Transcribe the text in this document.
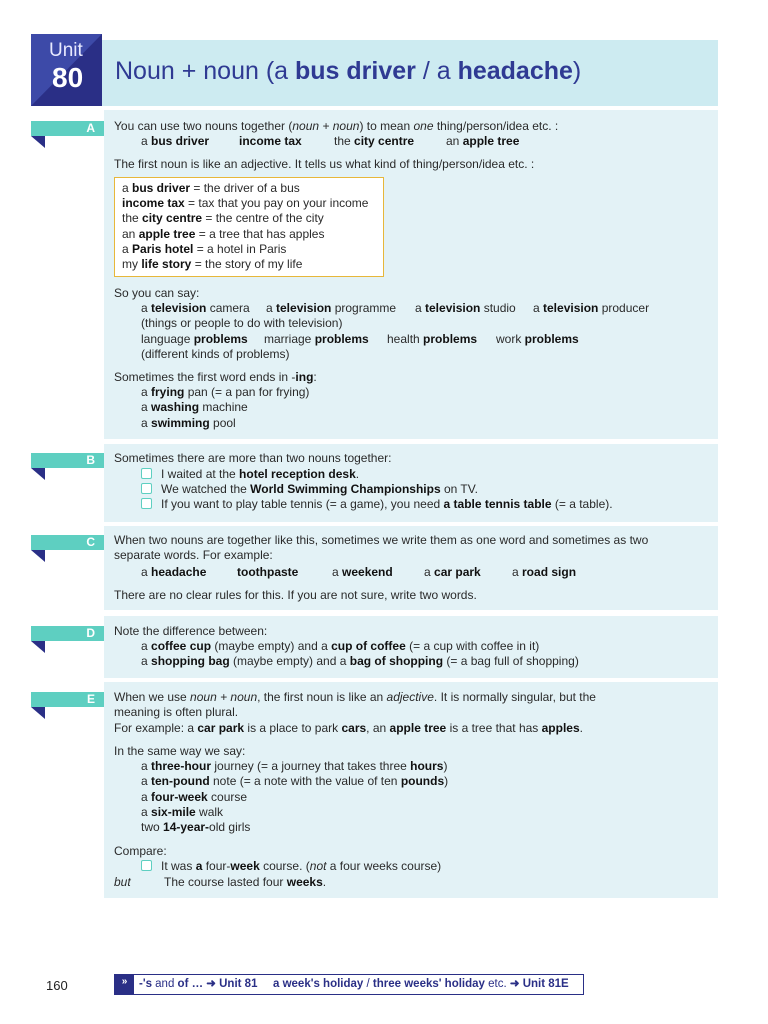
Unit
80 Noun + noun (a bus driver / a headache)
A You can use two nouns together (noun + noun) to mean one thing/person/idea etc. :
a bus driver income tax	the city centre	an apple tree
The first noun is like an adjective. It tells us what kind of thing/person/idea etc. :
a bus driver = the driver of a bus
income tax = tax that you pay on your income
the city centre = the centre of the city
an apple tree = a tree that has apples
a Paris hotel = a hotel in Paris
my life story = the story of my life
So you can say:
a television camera a television programme a television studio a television producer
(things or people to do with television)
language problems marriage problems health problems work problems
(different kinds of problems)
Sometimes the first word ends in -ing:
a frying pan (= a pan for frying)
a washing machine
a swimming pool
B Sometimes there are more than two nouns together:
I waited at the hotel reception desk.
We watched the World Swimming Championships on TV.
If you want to play table tennis (= a game), you need a table tennis table (= a table).
C When two nouns are together like this, sometimes we write them as one word and sometimes as two
separate words. For example:
a headache	toothpaste	a weekend	a car park	a road sign
There are no clear rules for this. If you are not sure, write two words.
D Note the difference between:
a coffee cup (maybe empty) and a cup of coffee (= a cup with coffee in it)
a shopping bag (maybe empty) and a bag of shopping (= a bag full of shopping)
E When we use noun + noun, the first noun is like an adjective. It is normally singular, but the
meaning is often plural.
For example: a car park is a place to park cars, an apple tree is a tree that has apples.
In the same way we say:
a three-hour journey (= a journey that takes three hours)
a ten-pound note (= a note with the value of ten pounds)
a four-week course
a six-mile walk
two 14-year-old girls
Compare:
It was a four-week course. (not a four weeks course)
but	The course lasted four weeks.
160	»	-'s and of … ➜ Unit 81 a week's holiday / three weeks' holiday etc. ➜ Unit 81E
